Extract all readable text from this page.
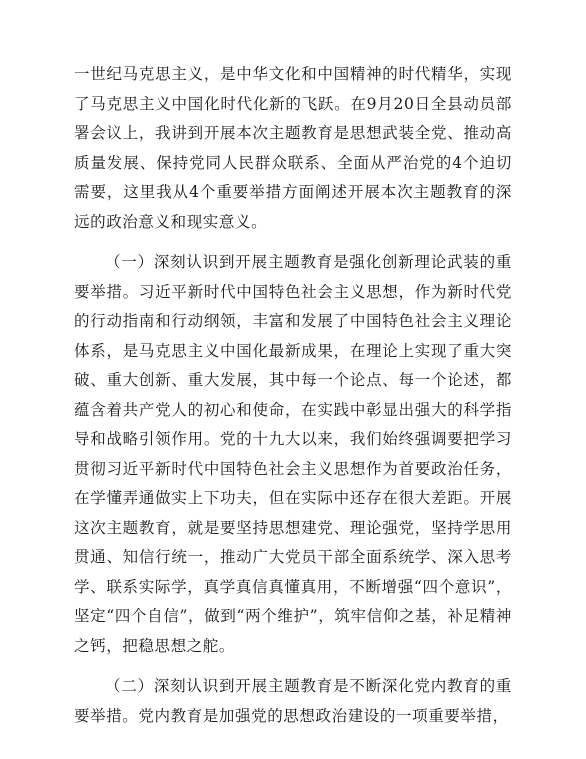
一世纪马克思主义，是中华文化和中国精神的时代精华，实现了马克思主义中国化时代化新的飞跃。在9月20日全县动员部署会议上，我讲到开展本次主题教育是思想武装全党、推动高质量发展、保持党同人民群众联系、全面从严治党的4个迫切需要，这里我从4个重要举措方面阐述开展本次主题教育的深远的政治意义和现实意义。

（一）深刻认识到开展主题教育是强化创新理论武装的重要举措。习近平新时代中国特色社会主义思想，作为新时代党的行动指南和行动纲领，丰富和发展了中国特色社会主义理论体系，是马克思主义中国化最新成果，在理论上实现了重大突破、重大创新、重大发展，其中每一个论点、每一个论述，都蕴含着共产党人的初心和使命，在实践中彰显出强大的科学指导和战略引领作用。党的十九大以来，我们始终强调要把学习贯彻习近平新时代中国特色社会主义思想作为首要政治任务，在学懂弄通做实上下功夫，但在实际中还存在很大差距。开展这次主题教育，就是要坚持思想建党、理论强党，坚持学思用贯通、知信行统一，推动广大党员干部全面系统学、深入思考学、联系实际学，真学真信真懂真用，不断增强“四个意识”，坚定“四个自信”，做到“两个维护”，筑牢信仰之基，补足精神之钙，把稳思想之舵。

（二）深刻认识到开展主题教育是不断深化党内教育的重要举措。党内教育是加强党的思想政治建设的一项重要举措，
